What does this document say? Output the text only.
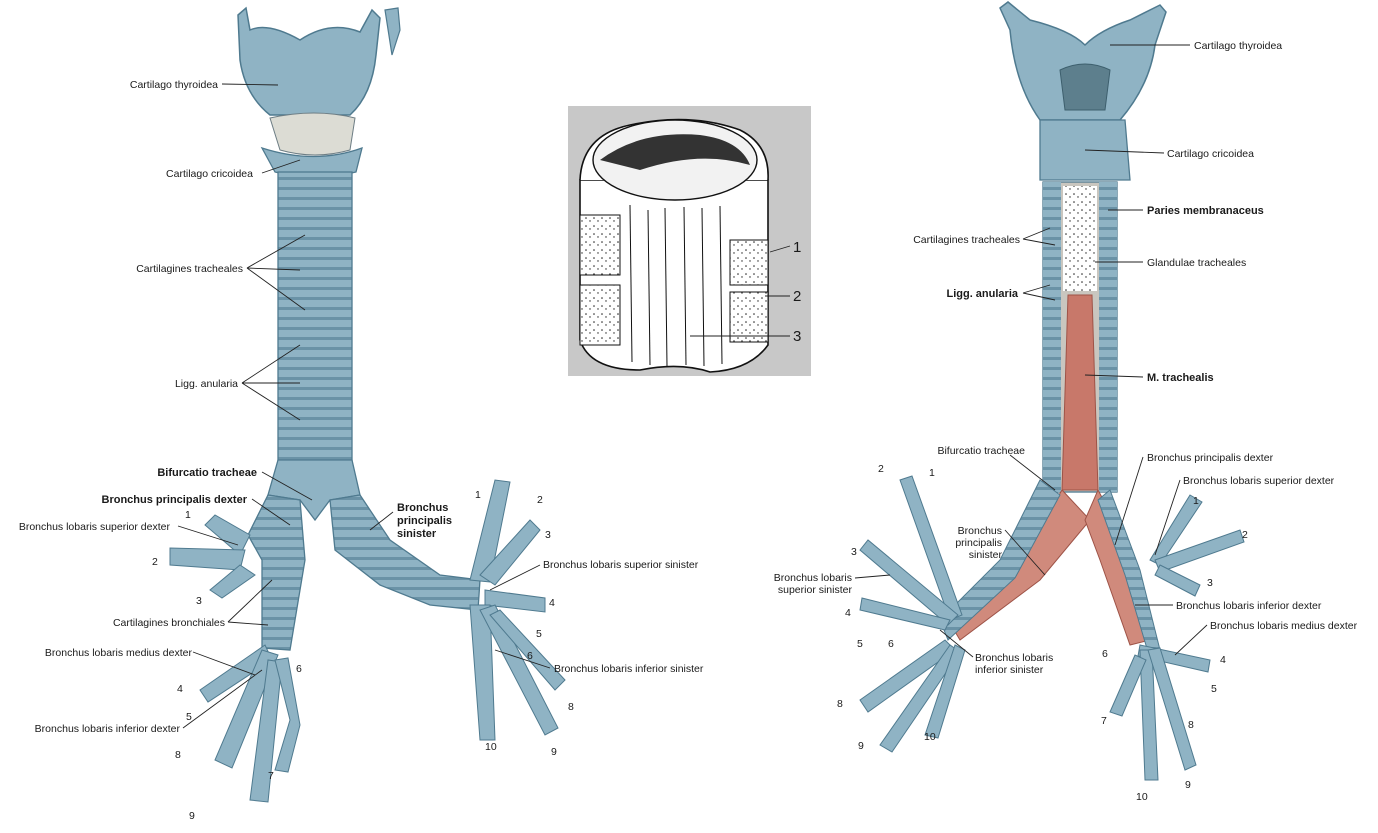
Cartilago thyroidea
Cartilago cricoidea
Cartilagines tracheales
Ligg. anularia
Bifurcatio tracheae
Bronchus principalis dexter
Bronchus lobaris superior dexter
Cartilagines bronchiales
Bronchus lobaris medius dexter
Bronchus lobaris inferior dexter
Bronchus
principalis
sinister
Bronchus lobaris superior sinister
Bronchus lobaris inferior sinister
1
2
3
4
5
6
7
8
9
1	2
3
4
5
6
8
9
10
1
2
3
Cartilago thyroidea
Cartilago cricoidea
Paries membranaceus
Cartilagines tracheales
Glandulae tracheales
Ligg. anularia
M. trachealis
Bifurcatio tracheae
Bronchus principalis dexter
Bronchus lobaris superior dexter
Bronchus
principalis
sinister
Bronchus lobaris
superior sinister
Bronchus lobaris inferior dexter
Bronchus lobaris medius dexter
Bronchus lobaris
inferior sinister
2	1
3
4
5 6
8
9
10
1
2
3
4
5
6
7	8
9
10
